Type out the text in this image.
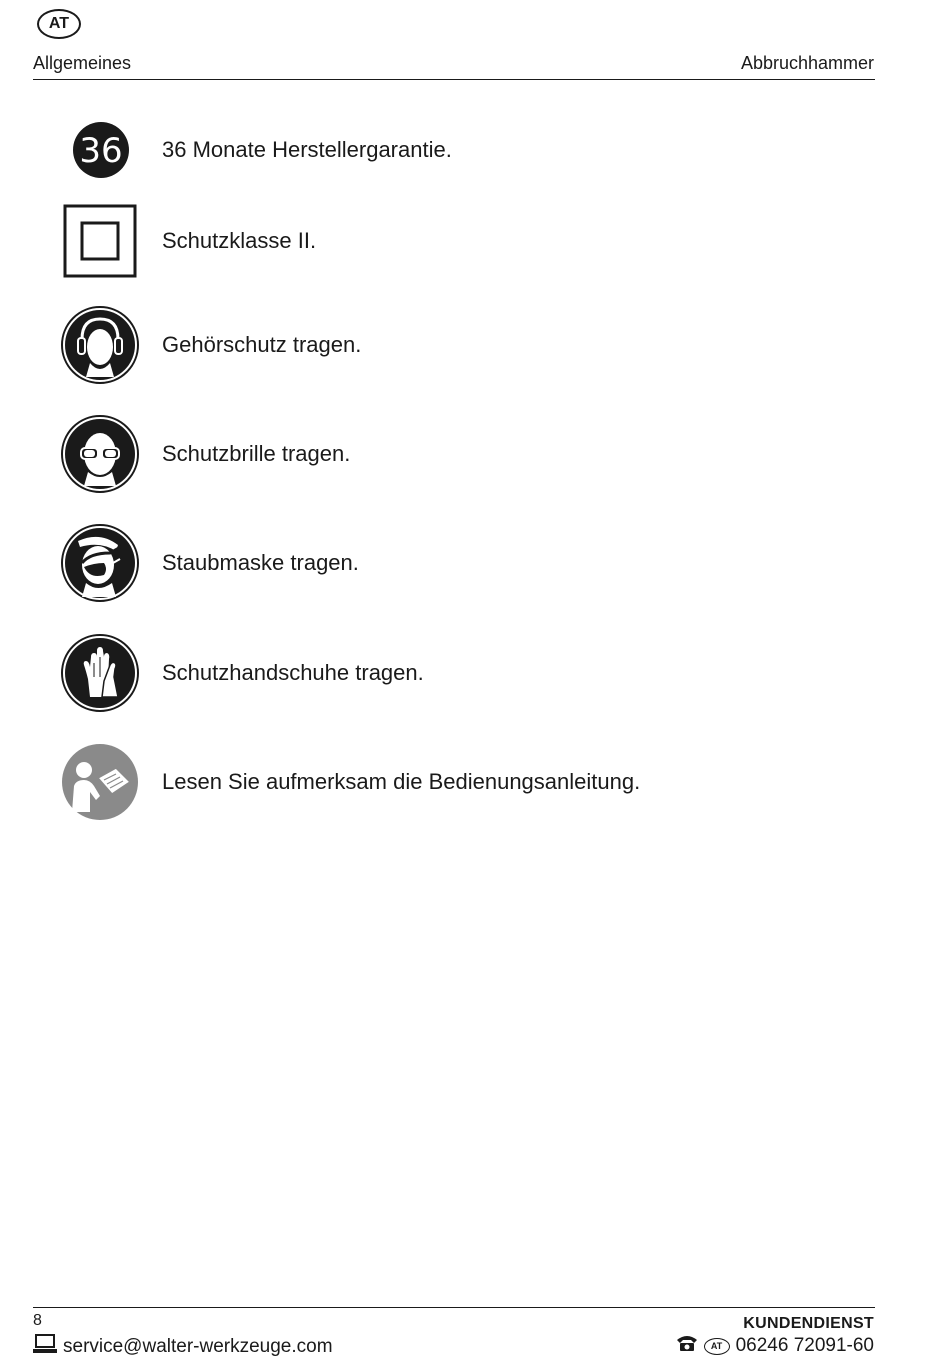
AT
Allgemeines	Abbruchhammer
36 36 Monate Herstellergarantie.
Schutzklasse II.
Gehörschutz tragen.
Schutzbrille tragen.
Staubmaske tragen.
Schutzhandschuhe tragen.
Lesen Sie aufmerksam die Bedienungsanleitung.
8	KUNDENDIENST
service@walter-werkzeuge.com	AT 06246 72091-60
